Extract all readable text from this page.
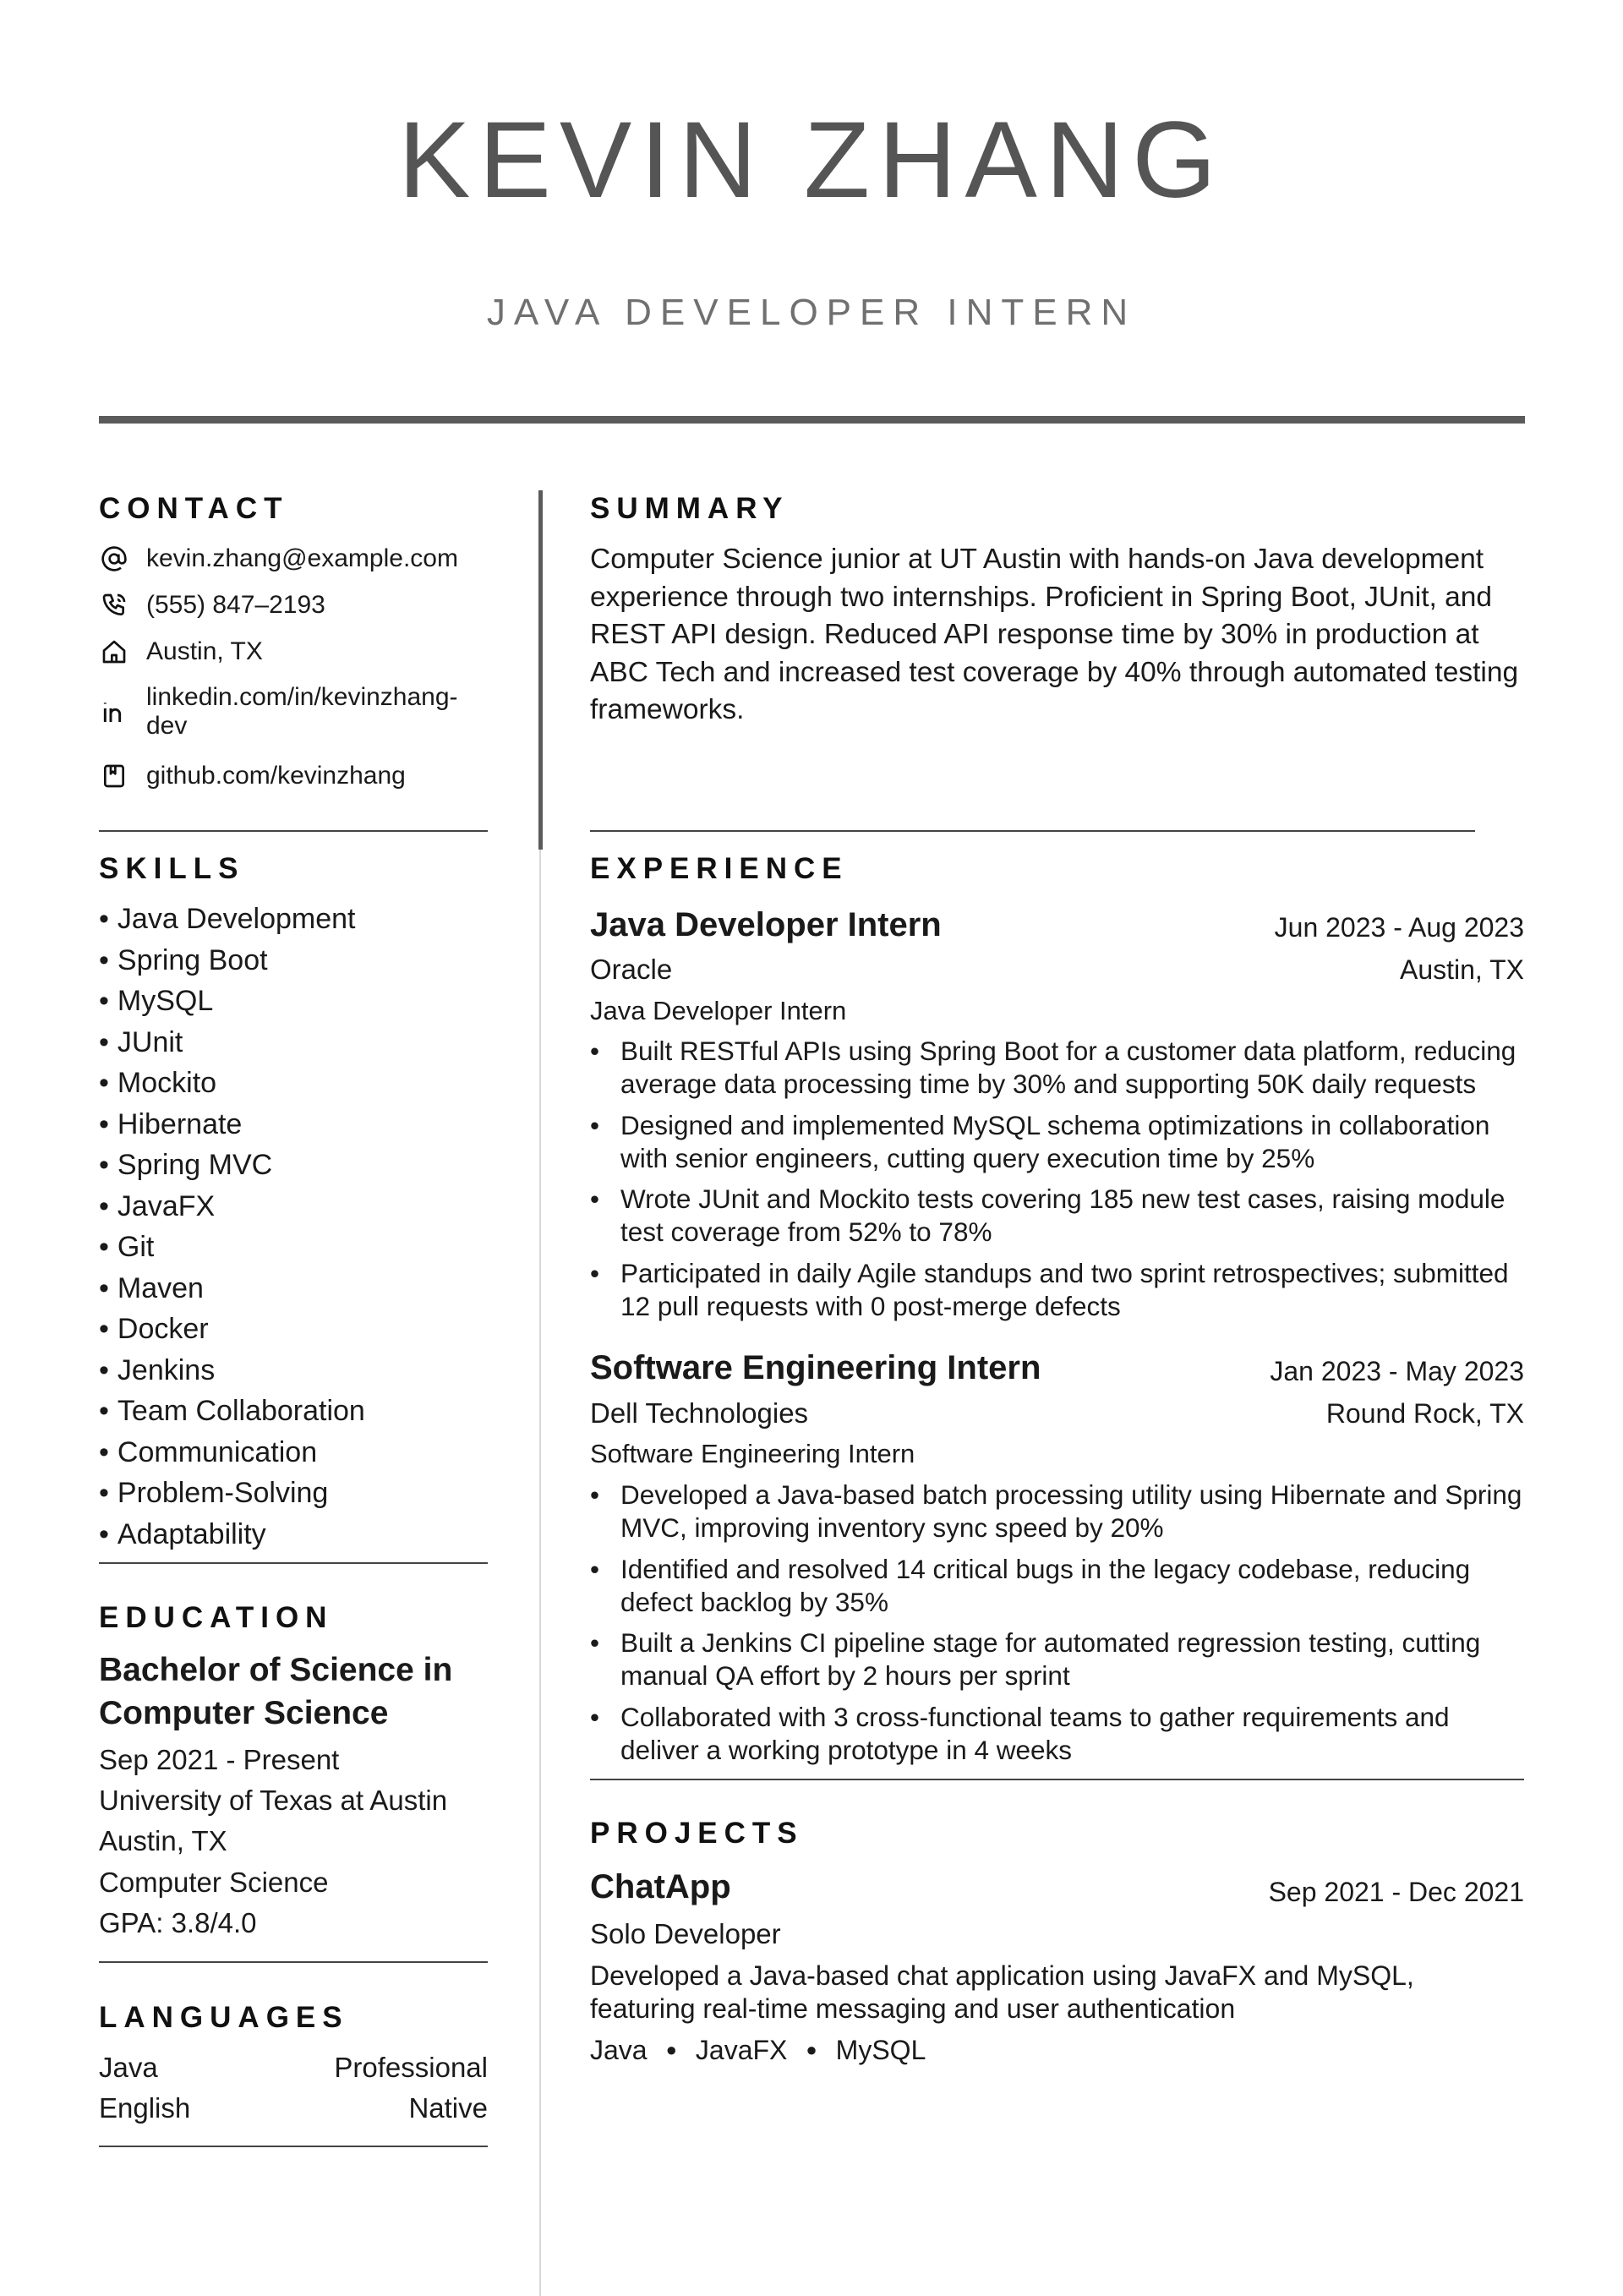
KEVIN ZHANG
JAVA DEVELOPER INTERN
CONTACT
kevin.zhang@example.com
(555) 847–2193
Austin, TX
linkedin.com/in/kevinzhang-
dev
github.com/kevinzhang
SKILLS
• Java Development
• Spring Boot
• MySQL
• JUnit
• Mockito
• Hibernate
• Spring MVC
• JavaFX
• Git
• Maven
• Docker
• Jenkins
• Team Collaboration
• Communication
• Problem-Solving
• Adaptability
EDUCATION
Bachelor of Science in
Computer Science
Sep 2021 - Present
University of Texas at Austin
Austin, TX
Computer Science
GPA: 3.8/4.0
LANGUAGES
Java	Professional
English	Native
SUMMARY
Computer Science junior at UT Austin with hands-on Java development experience through two internships. Proficient in Spring Boot, JUnit, and REST API design. Reduced API response time by 30% in production at ABC Tech and increased test coverage by 40% through automated testing frameworks.
EXPERIENCE
Java Developer Intern	Jun 2023 - Aug 2023
Oracle	Austin, TX
Java Developer Intern
• Built RESTful APIs using Spring Boot for a customer data platform, reducing average data processing time by 30% and supporting 50K daily requests
• Designed and implemented MySQL schema optimizations in collaboration with senior engineers, cutting query execution time by 25%
• Wrote JUnit and Mockito tests covering 185 new test cases, raising module test coverage from 52% to 78%
• Participated in daily Agile standups and two sprint retrospectives; submitted 12 pull requests with 0 post-merge defects
Software Engineering Intern	Jan 2023 - May 2023
Dell Technologies	Round Rock, TX
Software Engineering Intern
• Developed a Java-based batch processing utility using Hibernate and Spring MVC, improving inventory sync speed by 20%
• Identified and resolved 14 critical bugs in the legacy codebase, reducing defect backlog by 35%
• Built a Jenkins CI pipeline stage for automated regression testing, cutting manual QA effort by 2 hours per sprint
• Collaborated with 3 cross-functional teams to gather requirements and deliver a working prototype in 4 weeks
PROJECTS
ChatApp	Sep 2021 - Dec 2021
Solo Developer
Developed a Java-based chat application using JavaFX and MySQL, featuring real-time messaging and user authentication
Java ● JavaFX ● MySQL
